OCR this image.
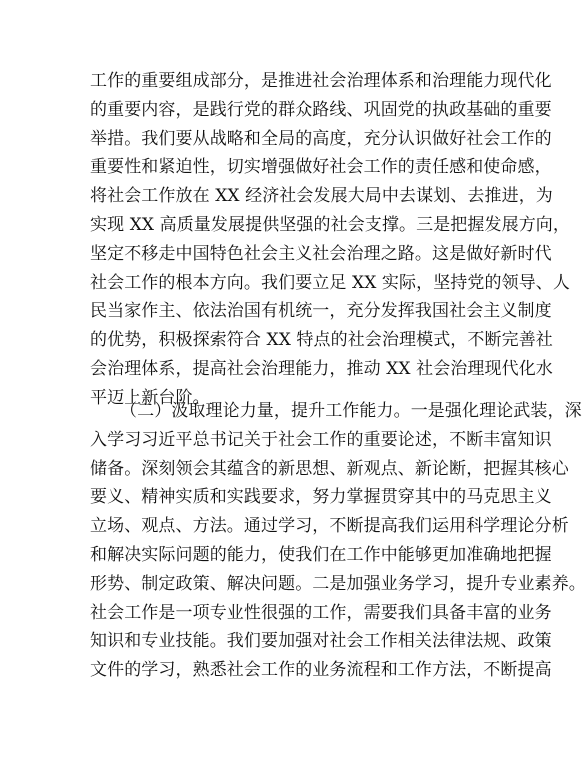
工作的重要组成部分，是推进社会治理体系和治理能力现代化
的重要内容，是践行党的群众路线、巩固党的执政基础的重要
举措。我们要从战略和全局的高度，充分认识做好社会工作的
重要性和紧迫性，切实增强做好社会工作的责任感和使命感，
将社会工作放在 XX 经济社会发展大局中去谋划、去推进，为
实现 XX 高质量发展提供坚强的社会支撑。三是把握发展方向，
坚定不移走中国特色社会主义社会治理之路。这是做好新时代
社会工作的根本方向。我们要立足 XX 实际，坚持党的领导、人
民当家作主、依法治国有机统一，充分发挥我国社会主义制度
的优势，积极探索符合 XX 特点的社会治理模式，不断完善社
会治理体系，提高社会治理能力，推动 XX 社会治理现代化水
平迈上新台阶。
（二）汲取理论力量，提升工作能力。一是强化理论武装，深
入学习习近平总书记关于社会工作的重要论述，不断丰富知识
储备。深刻领会其蕴含的新思想、新观点、新论断，把握其核心
要义、精神实质和实践要求，努力掌握贯穿其中的马克思主义
立场、观点、方法。通过学习，不断提高我们运用科学理论分析
和解决实际问题的能力，使我们在工作中能够更加准确地把握
形势、制定政策、解决问题。二是加强业务学习，提升专业素养。
社会工作是一项专业性很强的工作，需要我们具备丰富的业务
知识和专业技能。我们要加强对社会工作相关法律法规、政策
文件的学习，熟悉社会工作的业务流程和工作方法，不断提高
